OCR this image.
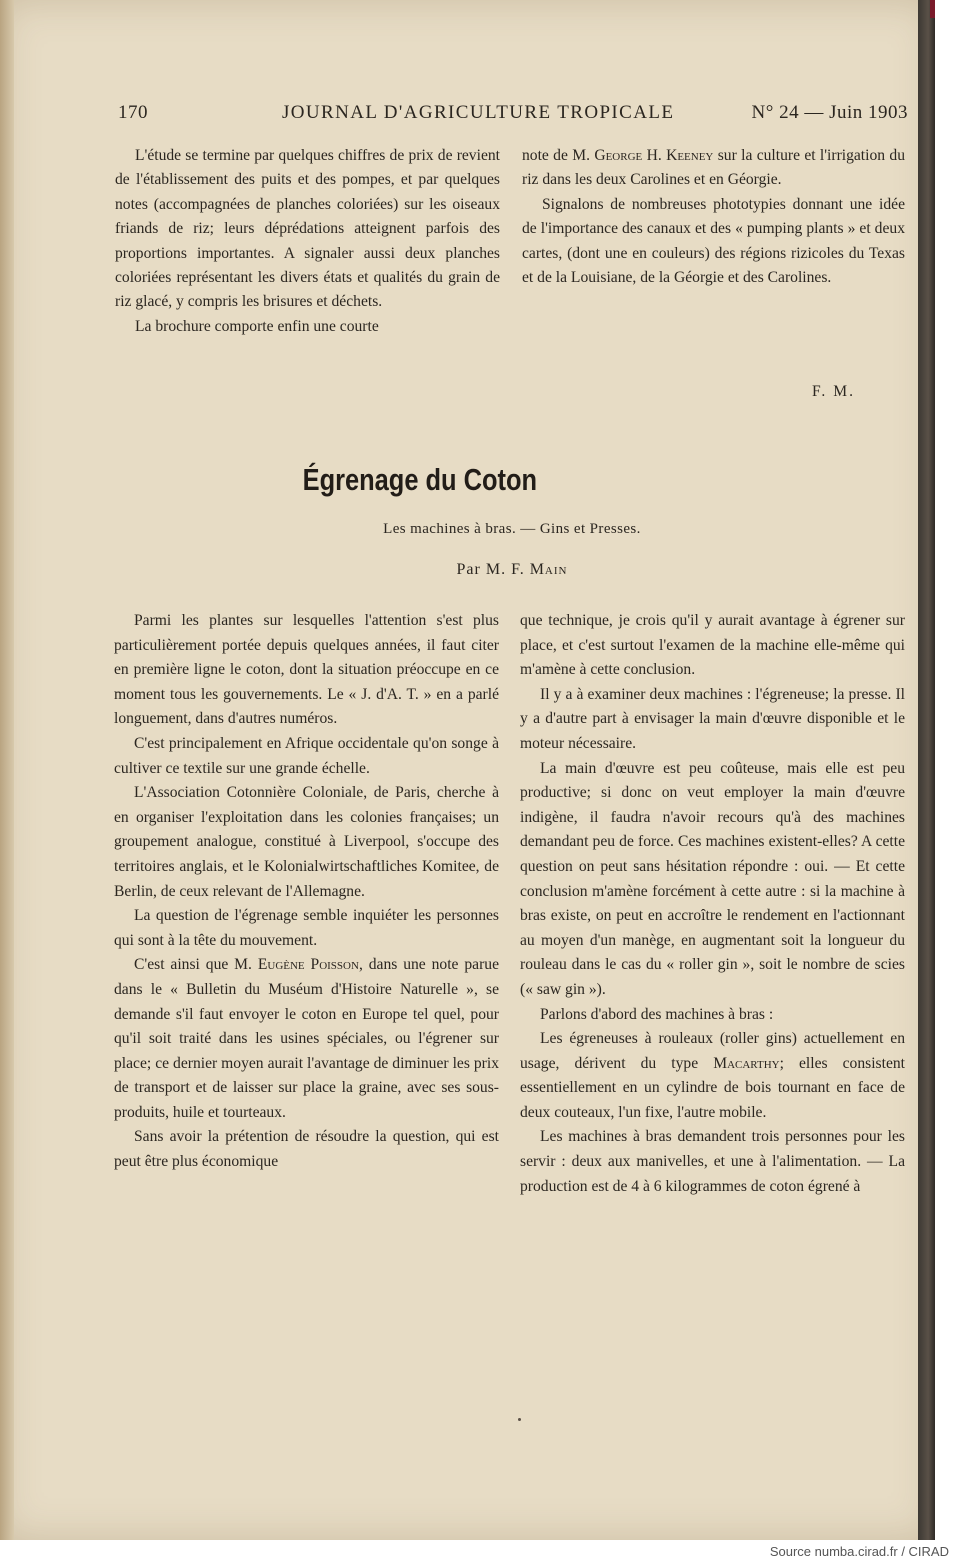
170	JOURNAL D'AGRICULTURE TROPICALE	N° 24 — Juin 1903

L'étude se termine par quelques chiffres de prix de revient de l'établissement des puits et des pompes, et par quelques notes (accompagnées de planches coloriées) sur les oiseaux friands de riz; leurs déprédations atteignent parfois des proportions importantes. A signaler aussi deux planches coloriées représentant les divers états et qualités du grain de riz glacé, y compris les brisures et déchets.

La brochure comporte enfin une courte

note de M. George H. Keeney sur la culture et l'irrigation du riz dans les deux Carolines et en Géorgie.

Signalons de nombreuses phototypies donnant une idée de l'importance des canaux et des « pumping plants » et deux cartes, (dont une en couleurs) des régions rizicoles du Texas et de la Louisiane, de la Géorgie et des Carolines.

F. M.
Égrenage du Coton
Les machines à bras. — Gins et Presses.
Par M. F. Main

Parmi les plantes sur lesquelles l'attention s'est plus particulièrement portée depuis quelques années, il faut citer en première ligne le coton, dont la situation préoccupe en ce moment tous les gouvernements. Le « J. d'A. T. » en a parlé longuement, dans d'autres numéros.

C'est principalement en Afrique occidentale qu'on songe à cultiver ce textile sur une grande échelle.

L'Association Cotonnière Coloniale, de Paris, cherche à en organiser l'exploitation dans les colonies françaises; un groupement analogue, constitué à Liverpool, s'occupe des territoires anglais, et le Kolonialwirtschaftliches Komitee, de Berlin, de ceux relevant de l'Allemagne.

La question de l'égrenage semble inquiéter les personnes qui sont à la tête du mouvement.

C'est ainsi que M. Eugène Poisson, dans une note parue dans le « Bulletin du Muséum d'Histoire Naturelle », se demande s'il faut envoyer le coton en Europe tel quel, pour qu'il soit traité dans les usines spéciales, ou l'égrener sur place; ce dernier moyen aurait l'avantage de diminuer les prix de transport et de laisser sur place la graine, avec ses sous-produits, huile et tourteaux.

Sans avoir la prétention de résoudre la question, qui est peut être plus économique

que technique, je crois qu'il y aurait avantage à égrener sur place, et c'est surtout l'examen de la machine elle-même qui m'amène à cette conclusion.

Il y a à examiner deux machines : l'égreneuse; la presse. Il y a d'autre part à envisager la main d'œuvre disponible et le moteur nécessaire.

La main d'œuvre est peu coûteuse, mais elle est peu productive; si donc on veut employer la main d'œuvre indigène, il faudra n'avoir recours qu'à des machines demandant peu de force. Ces machines existent-elles? A cette question on peut sans hésitation répondre : oui. — Et cette conclusion m'amène forcément à cette autre : si la machine à bras existe, on peut en accroître le rendement en l'actionnant au moyen d'un manège, en augmentant soit la longueur du rouleau dans le cas du « roller gin », soit le nombre de scies (« saw gin »).

Parlons d'abord des machines à bras :

Les égreneuses à rouleaux (roller gins) actuellement en usage, dérivent du type Macarthy; elles consistent essentiellement en un cylindre de bois tournant en face de deux couteaux, l'un fixe, l'autre mobile.

Les machines à bras demandent trois personnes pour les servir : deux aux manivelles, et une à l'alimentation. — La production est de 4 à 6 kilogrammes de coton égrené à

Source numba.cirad.fr / CIRAD
